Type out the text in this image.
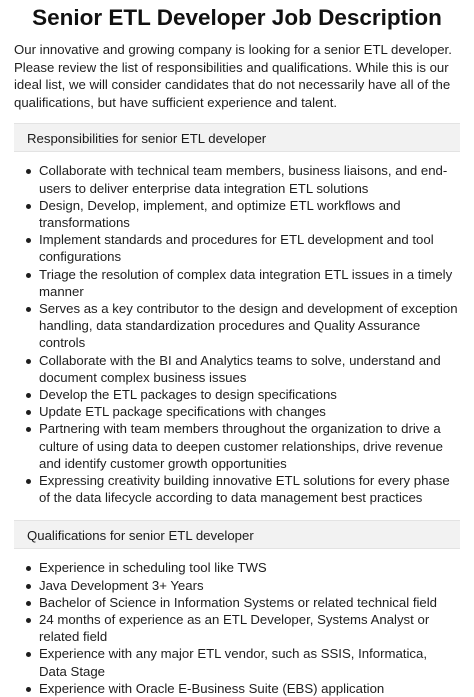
Senior ETL Developer Job Description

Our innovative and growing company is looking for a senior ETL developer. Please review the list of responsibilities and qualifications. While this is our ideal list, we will consider candidates that do not necessarily have all of the qualifications, but have sufficient experience and talent.

Responsibilities for senior ETL developer
Collaborate with technical team members, business liaisons, and end-users to deliver enterprise data integration ETL solutions
Design, Develop, implement, and optimize ETL workflows and transformations
Implement standards and procedures for ETL development and tool configurations
Triage the resolution of complex data integration ETL issues in a timely manner
Serves as a key contributor to the design and development of exception handling, data standardization procedures and Quality Assurance controls
Collaborate with the BI and Analytics teams to solve, understand and document complex business issues
Develop the ETL packages to design specifications
Update ETL package specifications with changes
Partnering with team members throughout the organization to drive a culture of using data to deepen customer relationships, drive revenue and identify customer growth opportunities
Expressing creativity building innovative ETL solutions for every phase of the data lifecycle according to data management best practices
Qualifications for senior ETL developer
Experience in scheduling tool like TWS
Java Development 3+ Years
Bachelor of Science in Information Systems or related technical field
24 months of experience as an ETL Developer, Systems Analyst or related field
Experience with any major ETL vendor, such as SSIS, Informatica, Data Stage
Experience with Oracle E-Business Suite (EBS) application
